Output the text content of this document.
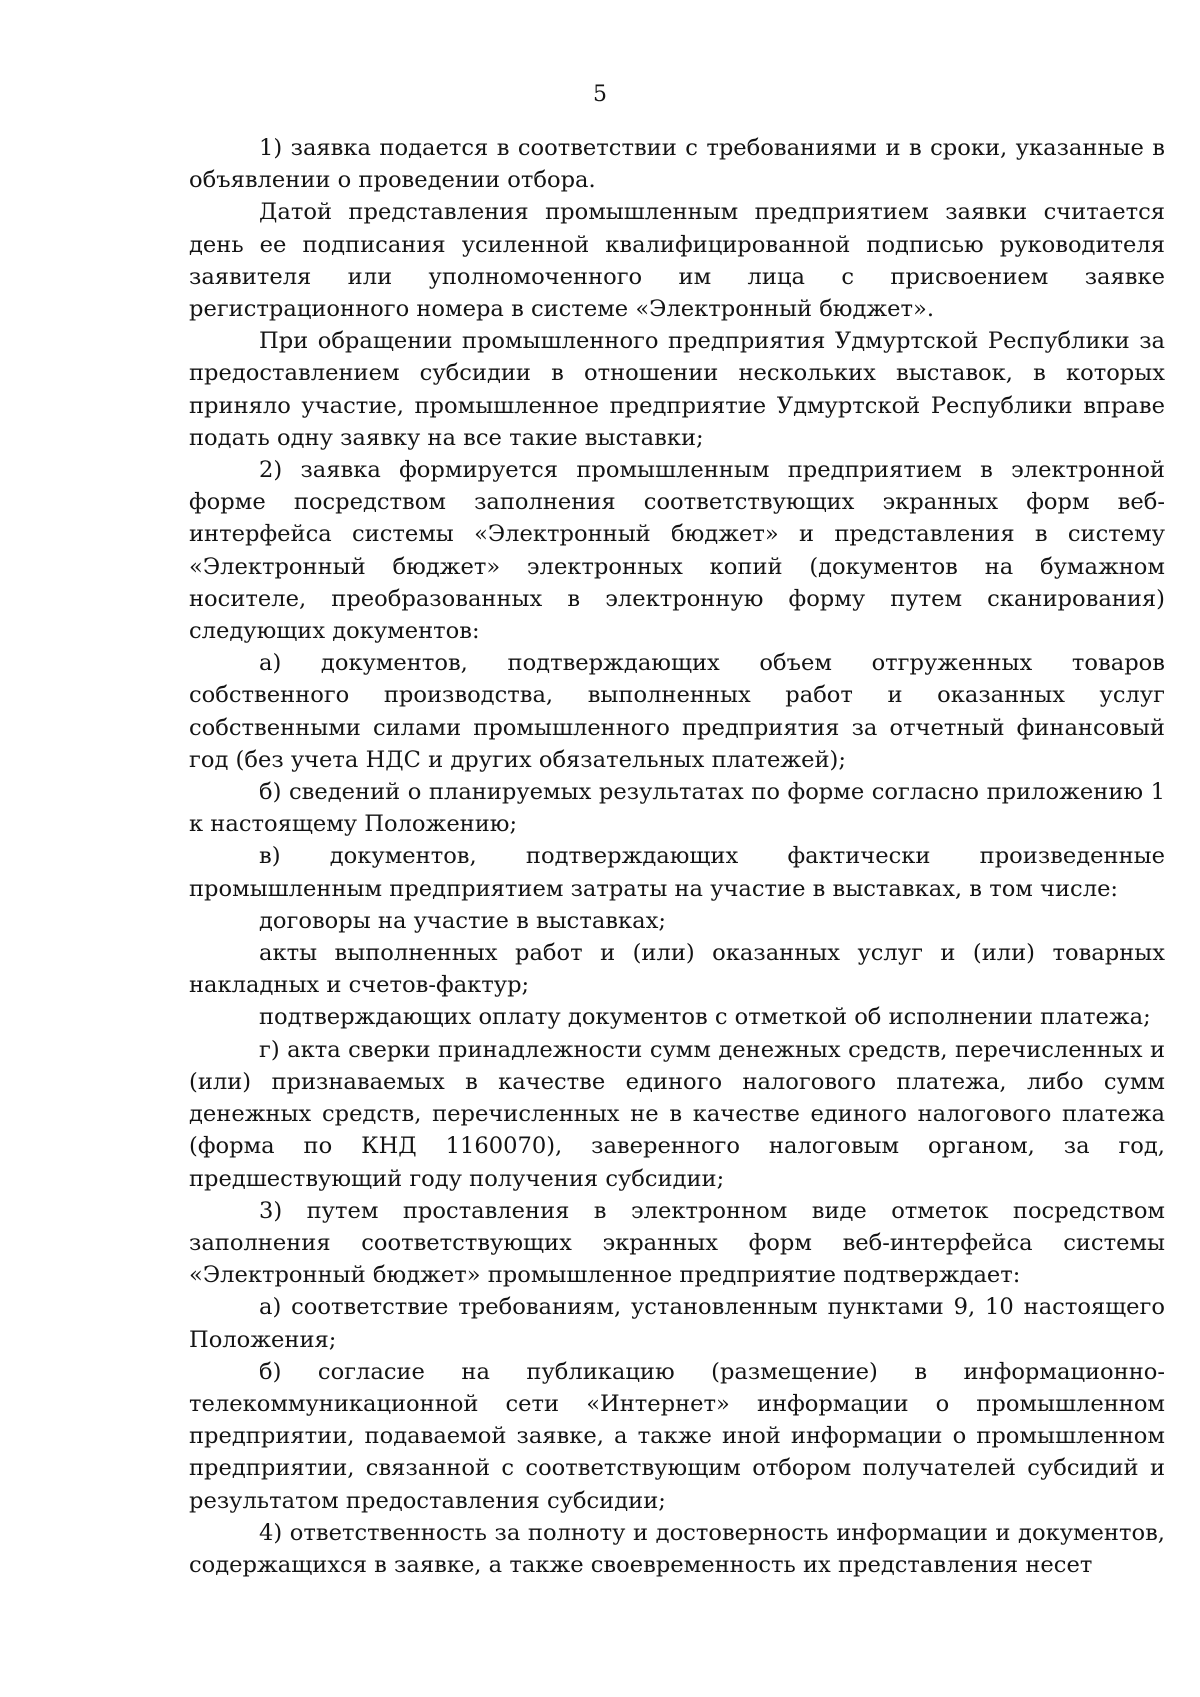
5

1) заявка подается в соответствии с требованиями и в сроки, указанные в объявлении о проведении отбора.

Датой представления промышленным предприятием заявки считается день ее подписания усиленной квалифицированной подписью руководителя заявителя или уполномоченного им лица с присвоением заявке регистрационного номера в системе «Электронный бюджет».

При обращении промышленного предприятия Удмуртской Республики за предоставлением субсидии в отношении нескольких выставок, в которых приняло участие, промышленное предприятие Удмуртской Республики вправе подать одну заявку на все такие выставки;

2) заявка формируется промышленным предприятием в электронной форме посредством заполнения соответствующих экранных форм веб-интерфейса системы «Электронный бюджет» и представления в систему «Электронный бюджет» электронных копий (документов на бумажном носителе, преобразованных в электронную форму путем сканирования) следующих документов:

а) документов, подтверждающих объем отгруженных товаров собственного производства, выполненных работ и оказанных услуг собственными силами промышленного предприятия за отчетный финансовый год (без учета НДС и других обязательных платежей);

б) сведений о планируемых результатах по форме согласно приложению 1 к настоящему Положению;

в) документов, подтверждающих фактически произведенные промышленным предприятием затраты на участие в выставках, в том числе:

договоры на участие в выставках;

акты выполненных работ и (или) оказанных услуг и (или) товарных накладных и счетов-фактур;

подтверждающих оплату документов с отметкой об исполнении платежа;

г) акта сверки принадлежности сумм денежных средств, перечисленных и (или) признаваемых в качестве единого налогового платежа, либо сумм денежных средств, перечисленных не в качестве единого налогового платежа (форма по КНД 1160070), заверенного налоговым органом, за год, предшествующий году получения субсидии;

3) путем проставления в электронном виде отметок посредством заполнения соответствующих экранных форм веб-интерфейса системы «Электронный бюджет» промышленное предприятие подтверждает:

а) соответствие требованиям, установленным пунктами 9, 10 настоящего Положения;

б) согласие на публикацию (размещение) в информационно-телекоммуникационной сети «Интернет» информации о промышленном предприятии, подаваемой заявке, а также иной информации о промышленном предприятии, связанной с соответствующим отбором получателей субсидий и результатом предоставления субсидии;

4) ответственность за полноту и достоверность информации и документов, содержащихся в заявке, а также своевременность их представления несет
